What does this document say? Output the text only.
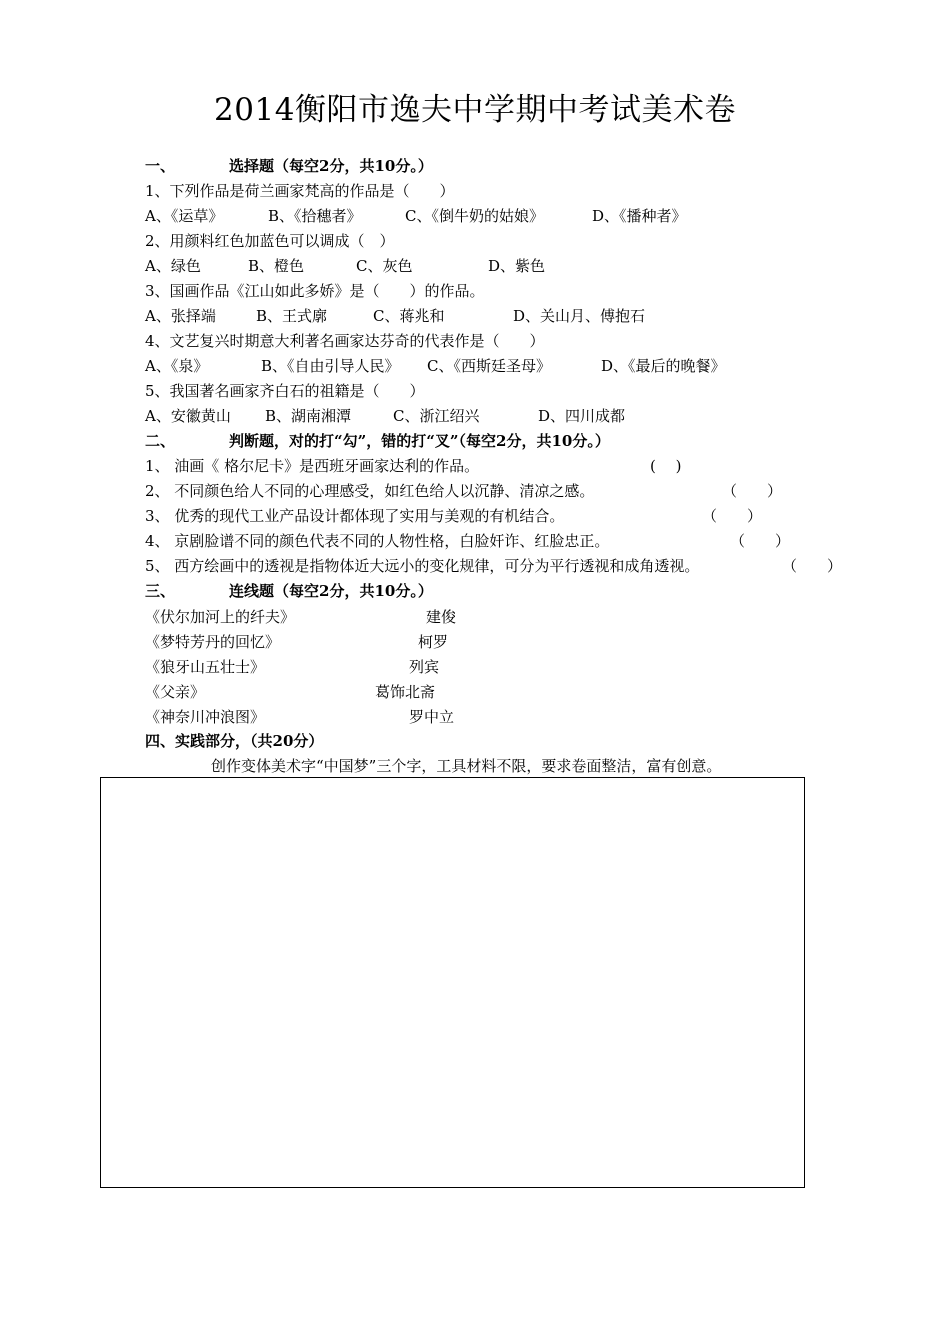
2014衡阳市逸夫中学期中考试美术卷
一、	选择题（每空2分，共10分。）
1、下列作品是荷兰画家梵高的作品是（　　）
A、《运草》	B、《拾穗者》	C、《倒牛奶的姑娘》	D、《播种者》
2、用颜料红色加蓝色可以调成（　）
A、绿色	B、橙色	C、灰色	D、紫色
3、国画作品《江山如此多娇》是（　　）的作品。
A、张择端	B、王式廓	C、蒋兆和	D、关山月、傅抱石
4、文艺复兴时期意大利著名画家达芬奇的代表作是（　　）
A、《泉》	B、《自由引导人民》 C、《西斯廷圣母》	D、《最后的晚餐》
5、我国著名画家齐白石的祖籍是（　　）
A、安徽黄山 B、湖南湘潭	C、浙江绍兴	D、四川成都
二、	判断题，对的打“勾”，错的打“叉”（每空2分，共10分。）
1、 油画《 格尔尼卡》是西班牙画家达利的作品。	(　 )
2、 不同颜色给人不同的心理感受，如红色给人以沉静、清凉之感。	（　　）
3、 优秀的现代工业产品设计都体现了实用与美观的有机结合。	（　　）
4、 京剧脸谱不同的颜色代表不同的人物性格，白脸奸诈、红脸忠正。	（　　）
5、 西方绘画中的透视是指物体近大远小的变化规律，可分为平行透视和成角透视。	（　　）
三、	连线题（每空2分，共10分。）
《伏尔加河上的纤夫》	建俊
《梦特芳丹的回忆》	柯罗
《狼牙山五壮士》	列宾
《父亲》	葛饰北斋
《神奈川冲浪图》	罗中立
四、实践部分，（共20分）
创作变体美术字“中国梦”三个字，工具材料不限，要求卷面整洁，富有创意。
